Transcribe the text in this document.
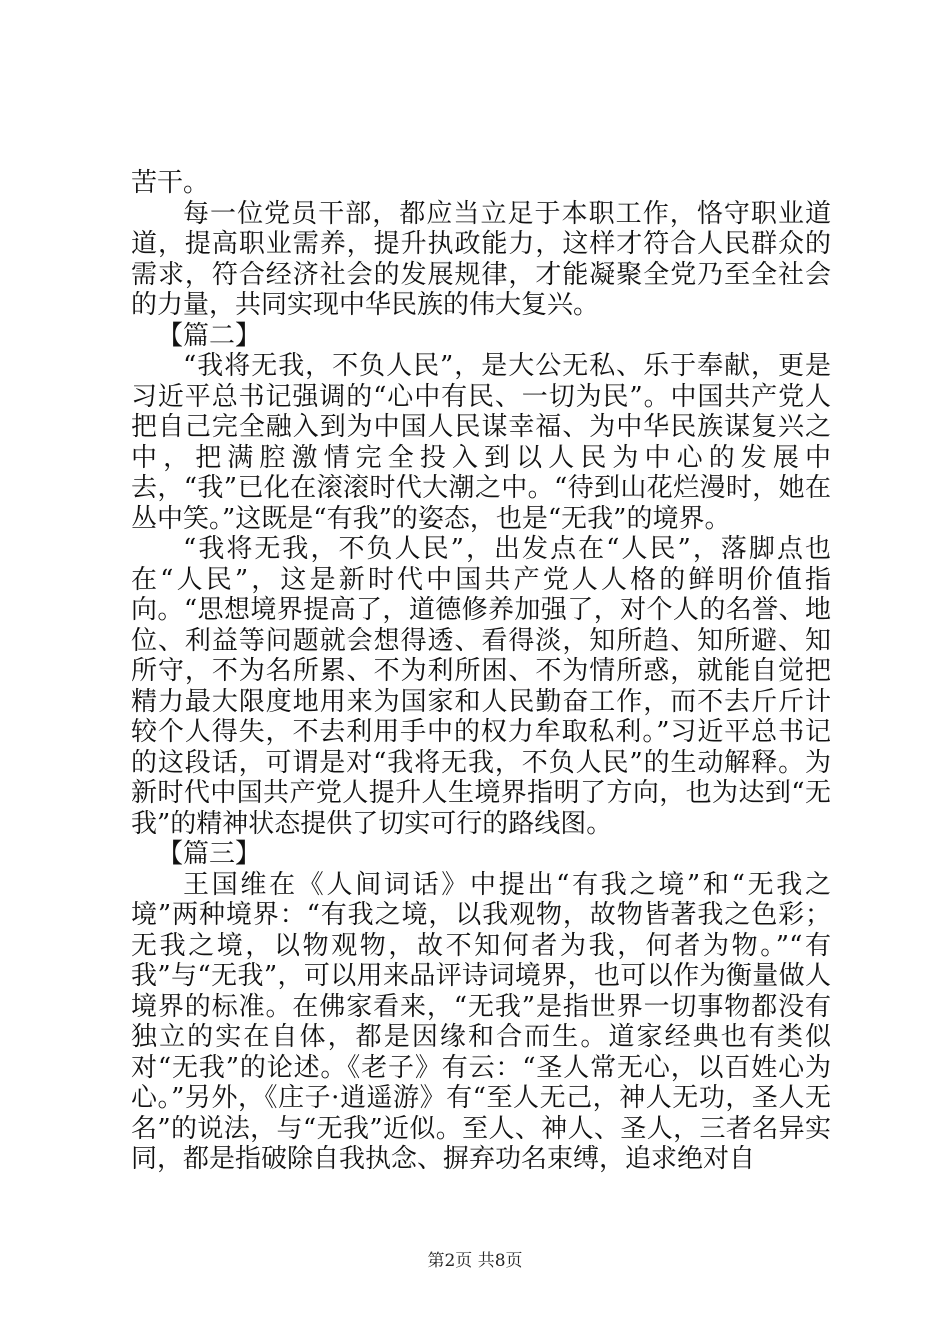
苦干。

每一位党员干部，都应当立足于本职工作，恪守职业道道，提高职业需养，提升执政能力，这样才符合人民群众的需求，符合经济社会的发展规律，才能凝聚全党乃至全社会的力量，共同实现中华民族的伟大复兴。

【篇二】

“我将无我，不负人民”，是大公无私、乐于奉献，更是习近平总书记强调的“心中有民、一切为民”。中国共产党人把自己完全融入到为中国人民谋幸福、为中华民族谋复兴之中，把满腔激情完全投入到以人民为中心的发展中去，“我”已化在滚滚时代大潮之中。“待到山花烂漫时，她在丛中笑。”这既是“有我”的姿态，也是“无我”的境界。

“我将无我，不负人民”，出发点在“人民”，落脚点也在“人民”，这是新时代中国共产党人人格的鲜明价值指向。“思想境界提高了，道德修养加强了，对个人的名誉、地位、利益等问题就会想得透、看得淡，知所趋、知所避、知所守，不为名所累、不为利所困、不为情所惑，就能自觉把精力最大限度地用来为国家和人民勤奋工作，而不去斤斤计较个人得失，不去利用手中的权力牟取私利。”习近平总书记的这段话，可谓是对“我将无我，不负人民”的生动解释。为新时代中国共产党人提升人生境界指明了方向，也为达到“无我”的精神状态提供了切实可行的路线图。

【篇三】

王国维在《人间词话》中提出“有我之境”和“无我之境”两种境界：“有我之境，以我观物，故物皆著我之色彩；无我之境，以物观物，故不知何者为我，何者为物。”“有我”与“无我”，可以用来品评诗词境界，也可以作为衡量做人境界的标准。在佛家看来，“无我”是指世界一切事物都没有独立的实在自体，都是因缘和合而生。道家经典也有类似对“无我”的论述。《老子》有云：“圣人常无心，以百姓心为心。”另外，《庄子·逍遥游》有“至人无己，神人无功，圣人无名”的说法，与“无我”近似。至人、神人、圣人，三者名异实同，都是指破除自我执念、摒弃功名束缚，追求绝对自

第2页 共8页
